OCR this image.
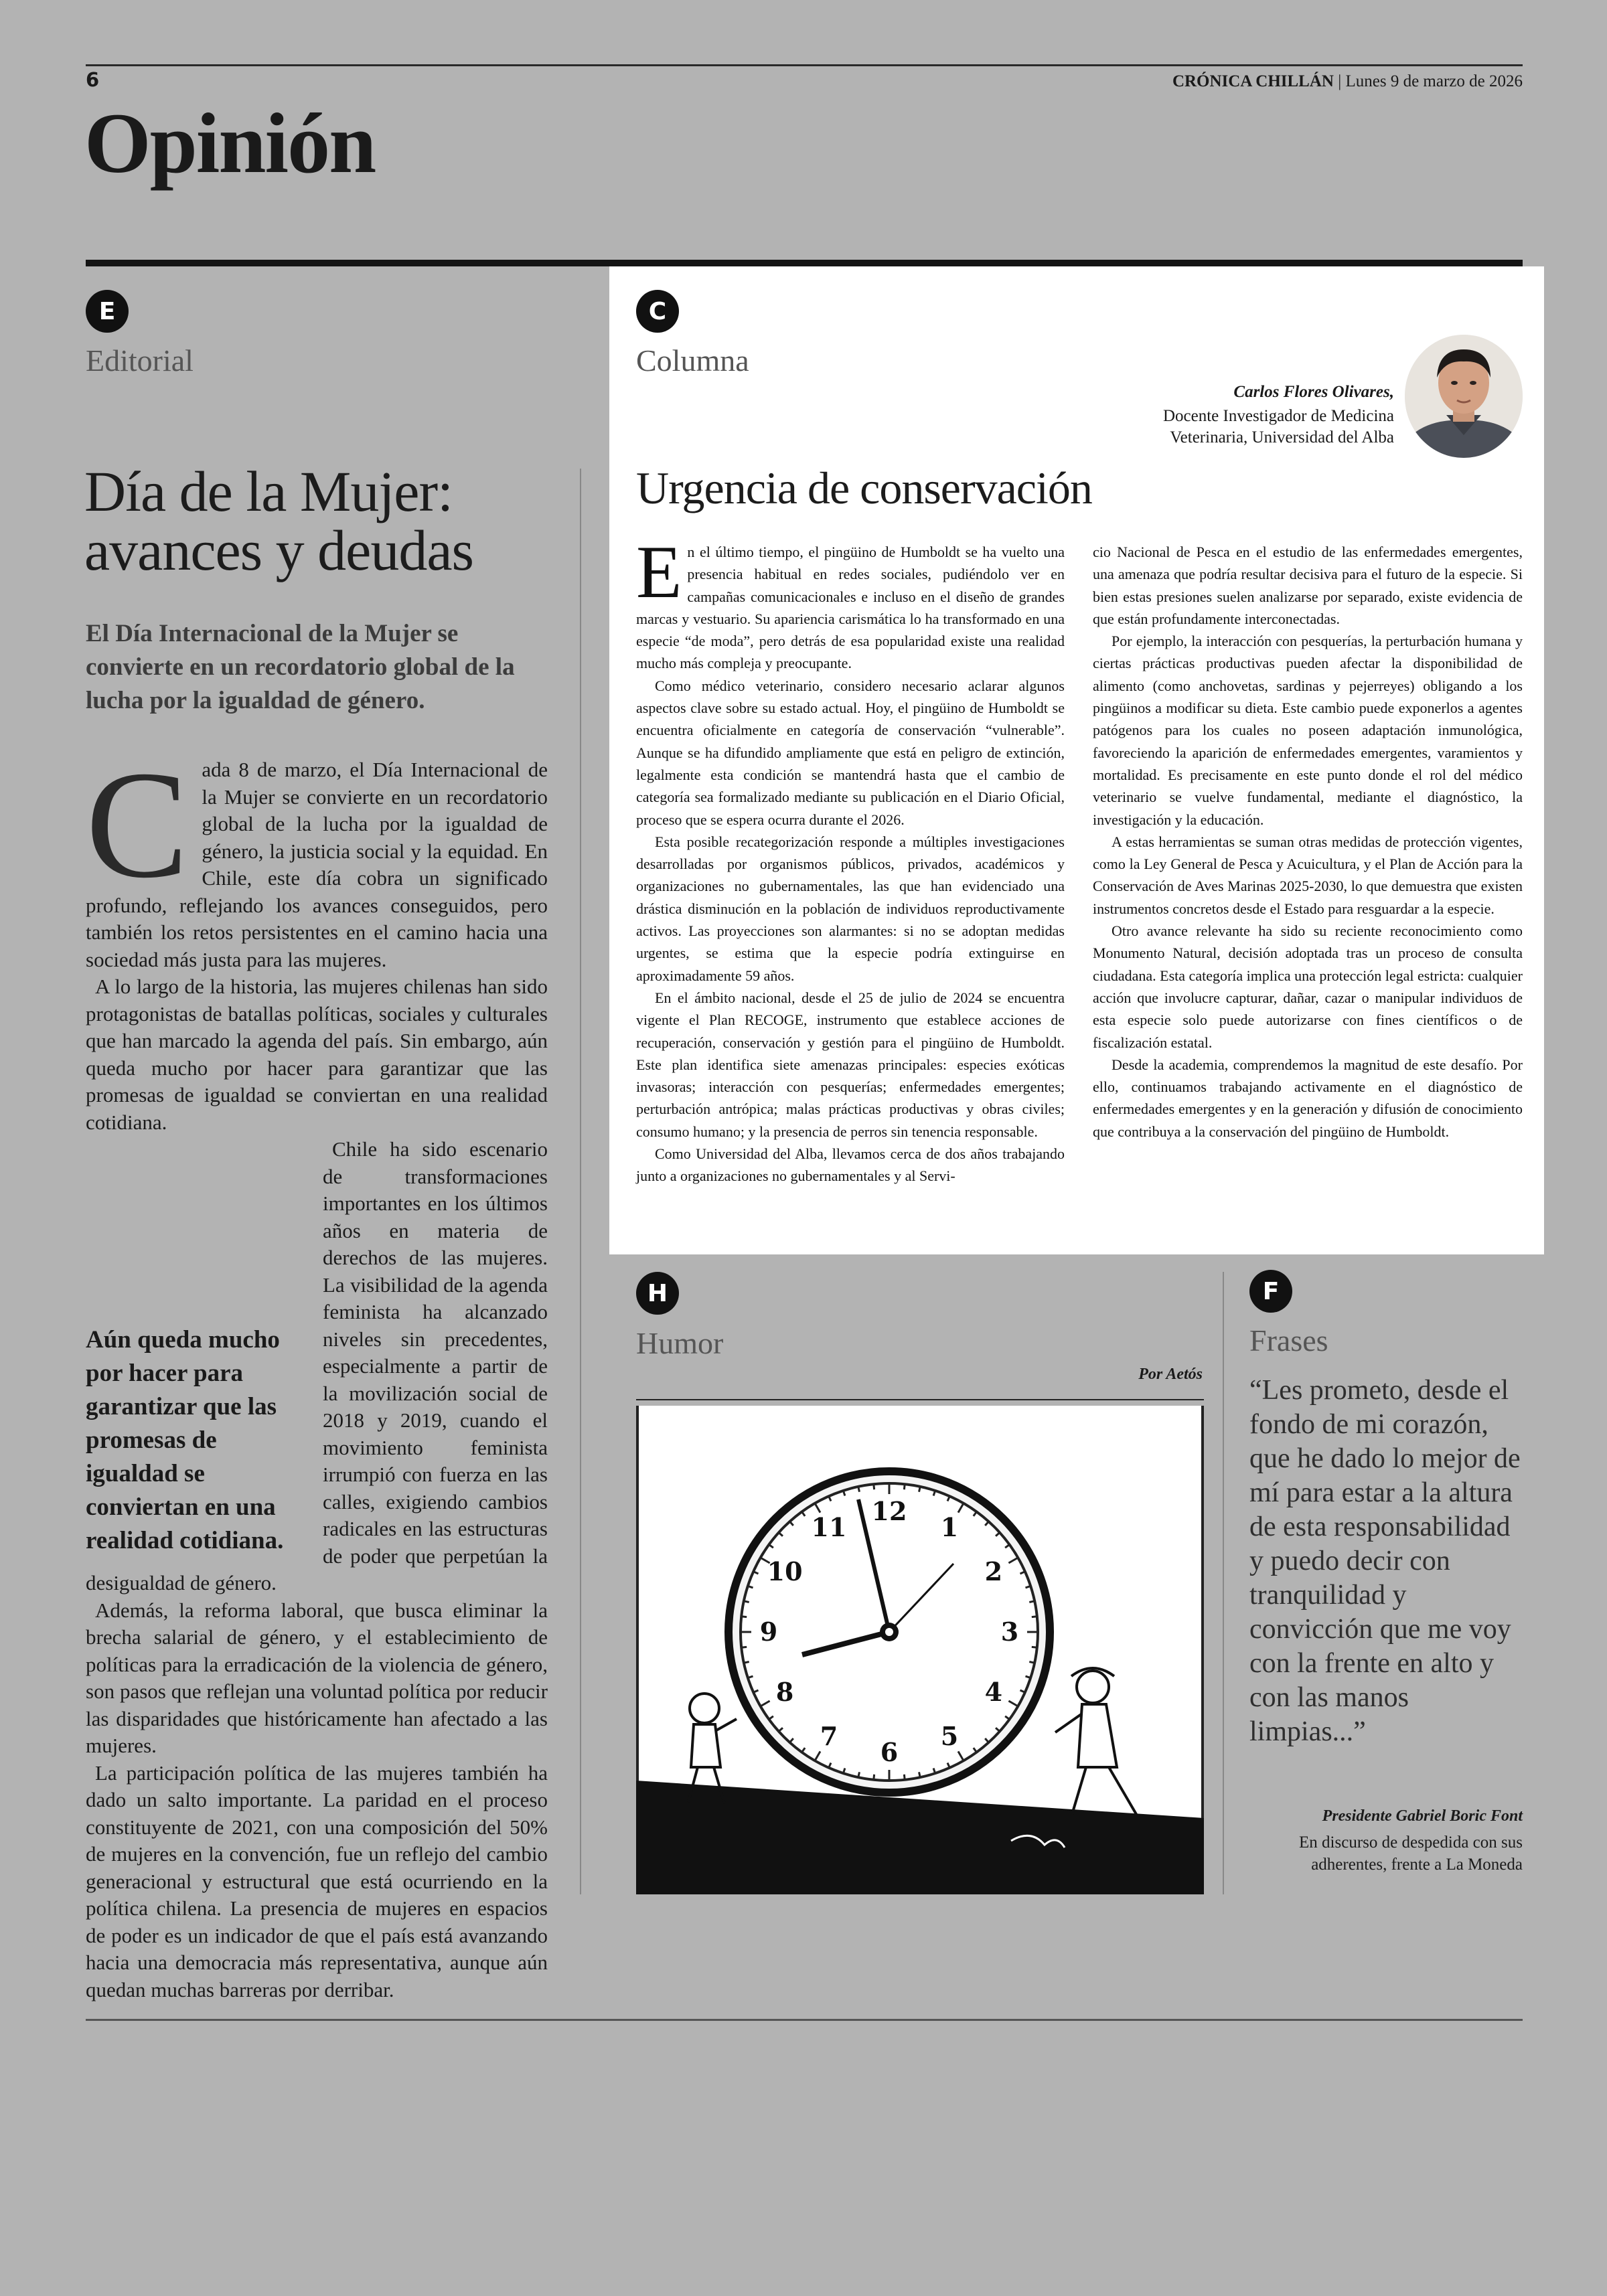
6	CRÓNICA CHILLÁN | Lunes 9 de marzo de 2026
Opinión
E
Editorial
Día de la Mujer:
avances y deudas
El Día Internacional de la Mujer se convierte en un recordatorio global de la lucha por la igualdad de género.
C ada 8 de marzo, el Día Internacional de la Mujer se convierte en un recordatorio global de la lucha por la igualdad de género, la justicia social y la equidad. En Chile, este día cobra un significado profundo, reflejando los avances conseguidos, pero también los retos persistentes en el camino hacia una sociedad más justa para las mujeres.

A lo largo de la historia, las mujeres chilenas han sido protagonistas de batallas políticas, sociales y culturales que han marcado la agenda del país. Sin embargo, aún queda mucho por hacer para garantizar que las promesas de igualdad se conviertan en una realidad cotidiana.

Aún queda mucho por hacer para garantizar que las promesas de igualdad se conviertan en una realidad cotidiana.

Chile ha sido escenario de transformaciones importantes en los últimos años en materia de derechos de las mujeres. La visibilidad de la agenda feminista ha alcanzado niveles sin precedentes, especialmente a partir de la movilización social de 2018 y 2019, cuando el movimiento feminista irrumpió con fuerza en las calles, exigiendo cambios radicales en las estructuras de poder que perpetúan la desigualdad de género.

Además, la reforma laboral, que busca eliminar la brecha salarial de género, y el establecimiento de políticas para la erradicación de la violencia de género, son pasos que reflejan una voluntad política por reducir las disparidades que históricamente han afectado a las mujeres.

La participación política de las mujeres también ha dado un salto importante. La paridad en el proceso constituyente de 2021, con una composición del 50% de mujeres en la convención, fue un reflejo del cambio generacional y estructural que está ocurriendo en la política chilena. La presencia de mujeres en espacios de poder es un indicador de que el país está avanzando hacia una democracia más representativa, aunque aún quedan muchas barreras por derribar.

C
Columna
Carlos Flores Olivares,
Docente Investigador de Medicina Veterinaria, Universidad del Alba
Urgencia de conservación
E n el último tiempo, el pingüino de Humboldt se ha vuelto una presencia habitual en redes sociales, pudiéndolo ver en campañas comunicacionales e incluso en el diseño de grandes marcas y vestuario. Su apariencia carismática lo ha transformado en una especie “de moda”, pero detrás de esa popularidad existe una realidad mucho más compleja y preocupante.

Como médico veterinario, considero necesario aclarar algunos aspectos clave sobre su estado actual. Hoy, el pingüino de Humboldt se encuentra oficialmente en categoría de conservación “vulnerable”. Aunque se ha difundido ampliamente que está en peligro de extinción, legalmente esta condición se mantendrá hasta que el cambio de categoría sea formalizado mediante su publicación en el Diario Oficial, proceso que se espera ocurra durante el 2026.

Esta posible recategorización responde a múltiples investigaciones desarrolladas por organismos públicos, privados, académicos y organizaciones no gubernamentales, las que han evidenciado una drástica disminución en la población de individuos reproductivamente activos. Las proyecciones son alarmantes: si no se adoptan medidas urgentes, se estima que la especie podría extinguirse en aproximadamente 59 años.

En el ámbito nacional, desde el 25 de julio de 2024 se encuentra vigente el Plan RECOGE, instrumento que establece acciones de recuperación, conservación y gestión para el pingüino de Humboldt. Este plan identifica siete amenazas principales: especies exóticas invasoras; interacción con pesquerías; enfermedades emergentes; perturbación antrópica; malas prácticas productivas y obras civiles; consumo humano; y la presencia de perros sin tenencia responsable.

Como Universidad del Alba, llevamos cerca de dos años trabajando junto a organizaciones no gubernamentales y al Servi-

cio Nacional de Pesca en el estudio de las enfermedades emergentes, una amenaza que podría resultar decisiva para el futuro de la especie. Si bien estas presiones suelen analizarse por separado, existe evidencia de que están profundamente interconectadas.

Por ejemplo, la interacción con pesquerías, la perturbación humana y ciertas prácticas productivas pueden afectar la disponibilidad de alimento (como anchovetas, sardinas y pejerreyes) obligando a los pingüinos a modificar su dieta. Este cambio puede exponerlos a agentes patógenos para los cuales no poseen adaptación inmunológica, favoreciendo la aparición de enfermedades emergentes, varamientos y mortalidad. Es precisamente en este punto donde el rol del médico veterinario se vuelve fundamental, mediante el diagnóstico, la investigación y la educación.

A estas herramientas se suman otras medidas de protección vigentes, como la Ley General de Pesca y Acuicultura, y el Plan de Acción para la Conservación de Aves Marinas 2025-2030, lo que demuestra que existen instrumentos concretos desde el Estado para resguardar a la especie.

Otro avance relevante ha sido su reciente reconocimiento como Monumento Natural, decisión adoptada tras un proceso de consulta ciudadana. Esta categoría implica una protección legal estricta: cualquier acción que involucre capturar, dañar, cazar o manipular individuos de esta especie solo puede autorizarse con fines científicos o de fiscalización estatal.

Desde la academia, comprendemos la magnitud de este desafío. Por ello, continuamos trabajando activamente en el diagnóstico de enfermedades emergentes y en la generación y difusión de conocimiento que contribuya a la conservación del pingüino de Humboldt.

H
Humor
Por Aetós
12
1
2
3
4
5
6
7
8
9
10
11
F
Frases
“Les prometo, desde el fondo de mi corazón, que he dado lo mejor de mí para estar a la altura de esta responsabilidad y puedo decir con tranquilidad y convicción que me voy con la frente en alto y con las manos limpias...”
Presidente Gabriel Boric Font
En discurso de despedida con sus adherentes, frente a La Moneda
